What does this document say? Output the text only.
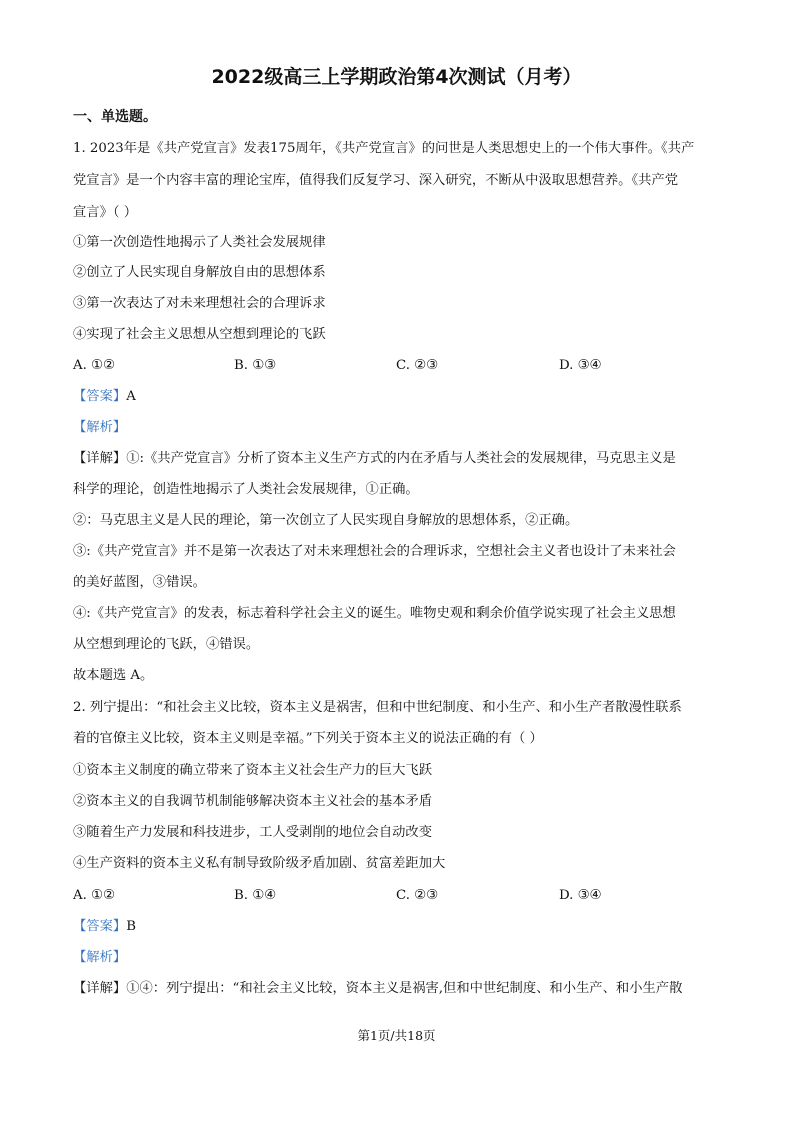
2022级高三上学期政治第4次测试（月考）
一、单选题。
1. 2023年是《共产党宣言》发表175周年，《共产党宣言》的问世是人类思想史上的一个伟大事件。《共产
党宣言》是一个内容丰富的理论宝库，值得我们反复学习、深入研究，不断从中汲取思想营养。《共产党
宣言》（ ）
①第一次创造性地揭示了人类社会发展规律
②创立了人民实现自身解放自由的思想体系
③第一次表达了对未来理想社会的合理诉求
④实现了社会主义思想从空想到理论的飞跃
A. ①②	B. ①③	C. ②③	D. ③④
【答案】A
【解析】
【详解】①:《共产党宣言》分析了资本主义生产方式的内在矛盾与人类社会的发展规律，马克思主义是
科学的理论，创造性地揭示了人类社会发展规律，①正确。
②：马克思主义是人民的理论，第一次创立了人民实现自身解放的思想体系，②正确。
③:《共产党宣言》并不是第一次表达了对未来理想社会的合理诉求，空想社会主义者也设计了未来社会
的美好蓝图，③错误。
④:《共产党宣言》的发表，标志着科学社会主义的诞生。唯物史观和剩余价值学说实现了社会主义思想
从空想到理论的飞跃，④错误。
故本题选 A。
2. 列宁提出：“和社会主义比较，资本主义是祸害，但和中世纪制度、和小生产、和小生产者散漫性联系
着的官僚主义比较，资本主义则是幸福。”下列关于资本主义的说法正确的有（ ）
①资本主义制度的确立带来了资本主义社会生产力的巨大飞跃
②资本主义的自我调节机制能够解决资本主义社会的基本矛盾
③随着生产力发展和科技进步，工人受剥削的地位会自动改变
④生产资料的资本主义私有制导致阶级矛盾加剧、贫富差距加大
A. ①②	B. ①④	C. ②③	D. ③④
【答案】B
【解析】
【详解】①④：列宁提出：“和社会主义比较，资本主义是祸害,但和中世纪制度、和小生产、和小生产散
第1页/共18页
